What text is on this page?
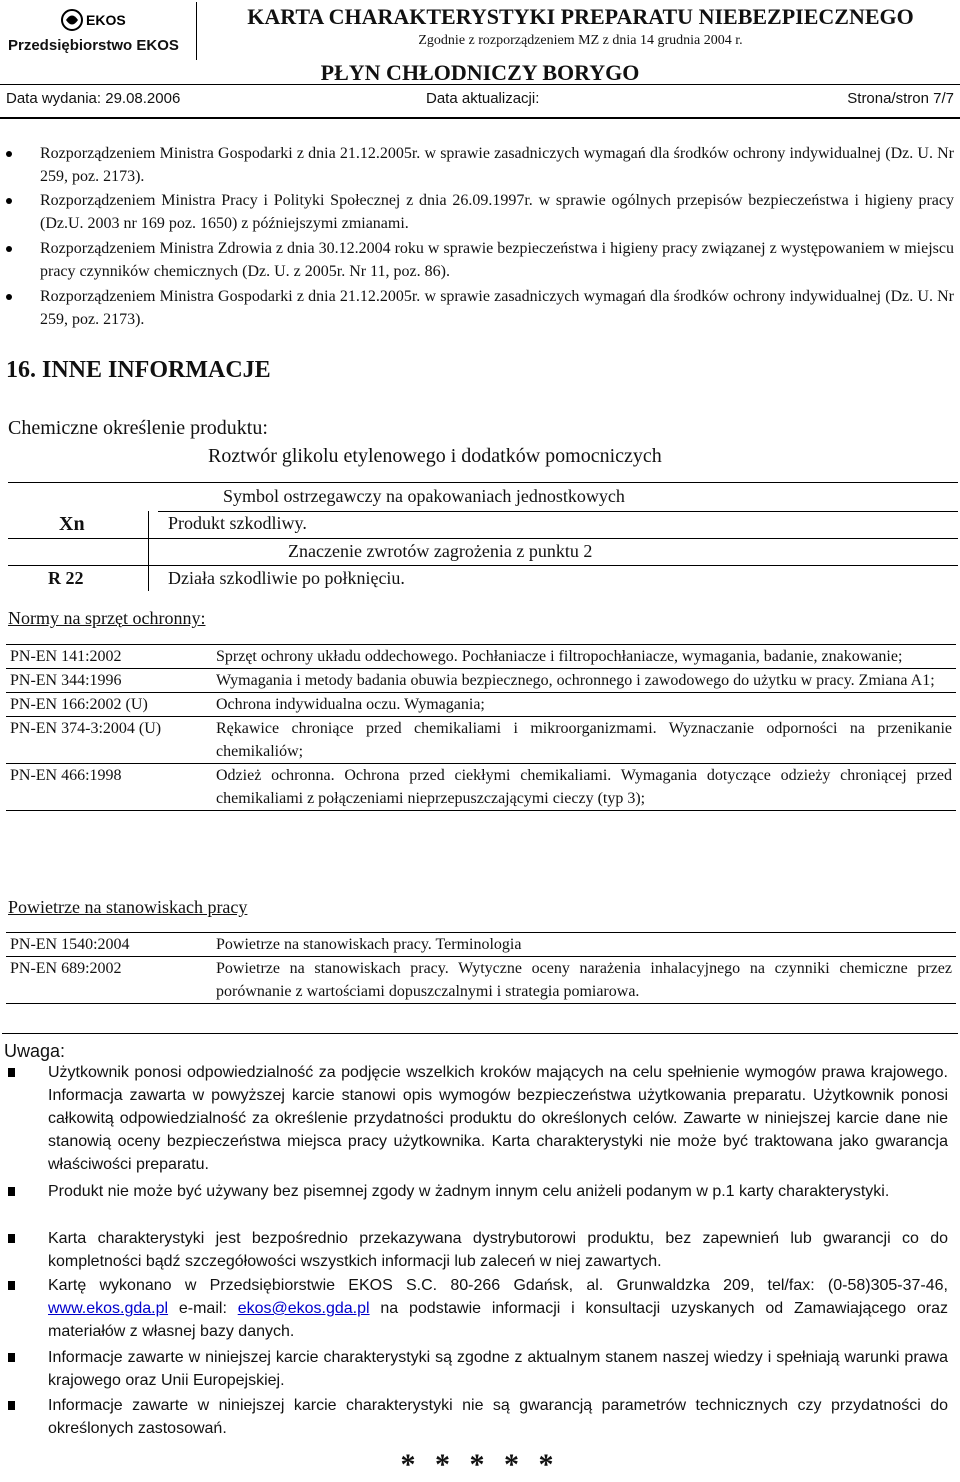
EKOS
Przedsiębiorstwo EKOS
KARTA CHARAKTERYSTYKI PREPARATU NIEBEZPIECZNEGO
Zgodnie z rozporządzeniem MZ z dnia 14 grudnia 2004 r.
PŁYN CHŁODNICZY BORYGO
Data wydania: 29.08.2006	Data aktualizacji:	Strona/stron 7/7
Rozporządzeniem Ministra Gospodarki z dnia 21.12.2005r. w sprawie zasadniczych wymagań dla środków ochrony indywidualnej (Dz. U. Nr 259, poz. 2173).
Rozporządzeniem Ministra Pracy i Polityki Społecznej z dnia 26.09.1997r. w sprawie ogólnych przepisów bezpieczeństwa i higieny pracy (Dz.U. 2003 nr 169 poz. 1650) z późniejszymi zmianami.
Rozporządzeniem Ministra Zdrowia z dnia 30.12.2004 roku w sprawie bezpieczeństwa i higieny pracy związanej z występowaniem w miejscu pracy czynników chemicznych (Dz. U. z 2005r. Nr 11, poz. 86).
Rozporządzeniem Ministra Gospodarki z dnia 21.12.2005r. w sprawie zasadniczych wymagań dla środków ochrony indywidualnej (Dz. U. Nr 259, poz. 2173).
16. INNE INFORMACJE
Chemiczne określenie produktu:
Roztwór glikolu etylenowego i dodatków pomocniczych
Symbol ostrzegawczy na opakowaniach jednostkowych
Xn	Produkt szkodliwy.
Znaczenie zwrotów zagrożenia z punktu 2
R 22	Działa szkodliwie po połknięciu.
Normy na sprzęt ochronny:
PN-EN 141:2002	Sprzęt ochrony układu oddechowego. Pochłaniacze i filtropochłaniacze, wymagania, badanie, znakowanie;
PN-EN 344:1996	Wymagania i metody badania obuwia bezpiecznego, ochronnego i zawodowego do użytku w pracy. Zmiana A1;
PN-EN 166:2002 (U)	Ochrona indywidualna oczu. Wymagania;
PN-EN 374-3:2004 (U)	Rękawice chroniące przed chemikaliami i mikroorganizmami. Wyznaczanie odporności na przenikanie chemikaliów;
PN-EN 466:1998	Odzież ochronna. Ochrona przed ciekłymi chemikaliami. Wymagania dotyczące odzieży chroniącej przed chemikaliami z połączeniami nieprzepuszczającymi cieczy (typ 3);
Powietrze na stanowiskach pracy
PN-EN 1540:2004	Powietrze na stanowiskach pracy. Terminologia
PN-EN 689:2002	Powietrze na stanowiskach pracy. Wytyczne oceny narażenia inhalacyjnego na czynniki chemiczne przez porównanie z wartościami dopuszczalnymi i strategia pomiarowa.
Uwaga:
Użytkownik ponosi odpowiedzialność za podjęcie wszelkich kroków mających na celu spełnienie wymogów prawa krajowego. Informacja zawarta w powyższej karcie stanowi opis wymogów bezpieczeństwa użytkowania preparatu. Użytkownik ponosi całkowitą odpowiedzialność za określenie przydatności produktu do określonych celów. Zawarte w niniejszej karcie dane nie stanowią oceny bezpieczeństwa miejsca pracy użytkownika. Karta charakterystyki nie może być traktowana jako gwarancja właściwości preparatu.
Produkt nie może być używany bez pisemnej zgody w żadnym innym celu aniżeli podanym w p.1 karty charakterystyki.
Karta charakterystyki jest bezpośrednio przekazywana dystrybutorowi produktu, bez zapewnień lub gwarancji co do kompletności bądź szczegółowości wszystkich informacji lub zaleceń w niej zawartych.
Kartę wykonano w Przedsiębiorstwie EKOS S.C. 80-266 Gdańsk, al. Grunwaldzka 209, tel/fax: (0-58)305-37-46, www.ekos.gda.pl e-mail: ekos@ekos.gda.pl na podstawie informacji i konsultacji uzyskanych od Zamawiającego oraz materiałów z własnej bazy danych.
Informacje zawarte w niniejszej karcie charakterystyki są zgodne z aktualnym stanem naszej wiedzy i spełniają warunki prawa krajowego oraz Unii Europejskiej.
Informacje zawarte w niniejszej karcie charakterystyki nie są gwarancją parametrów technicznych czy przydatności do określonych zastosowań.
* * * * *
